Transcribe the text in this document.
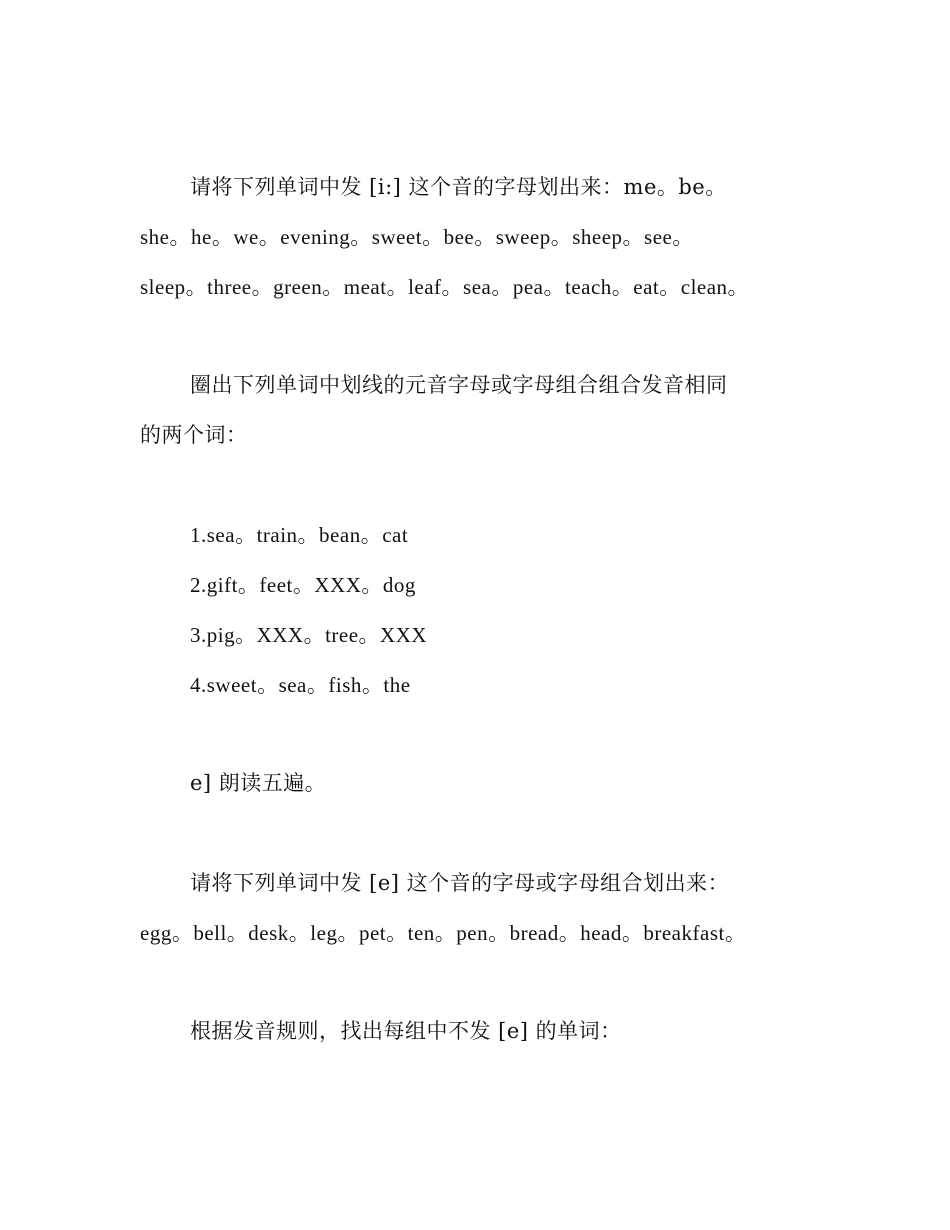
请将下列单词中发 [i:] 这个音的字母划出来：me。be。
she。he。we。evening。sweet。bee。sweep。sheep。see。
sleep。three。green。meat。leaf。sea。pea。teach。eat。clean。
圈出下列单词中划线的元音字母或字母组合组合发音相同
的两个词：
1.sea。train。bean。cat
2.gift。feet。XXX。dog
3.pig。XXX。tree。XXX
4.sweet。sea。fish。the
e] 朗读五遍。
请将下列单词中发 [e] 这个音的字母或字母组合划出来：
egg。bell。desk。leg。pet。ten。pen。bread。head。breakfast。
根据发音规则，找出每组中不发 [e] 的单词：
